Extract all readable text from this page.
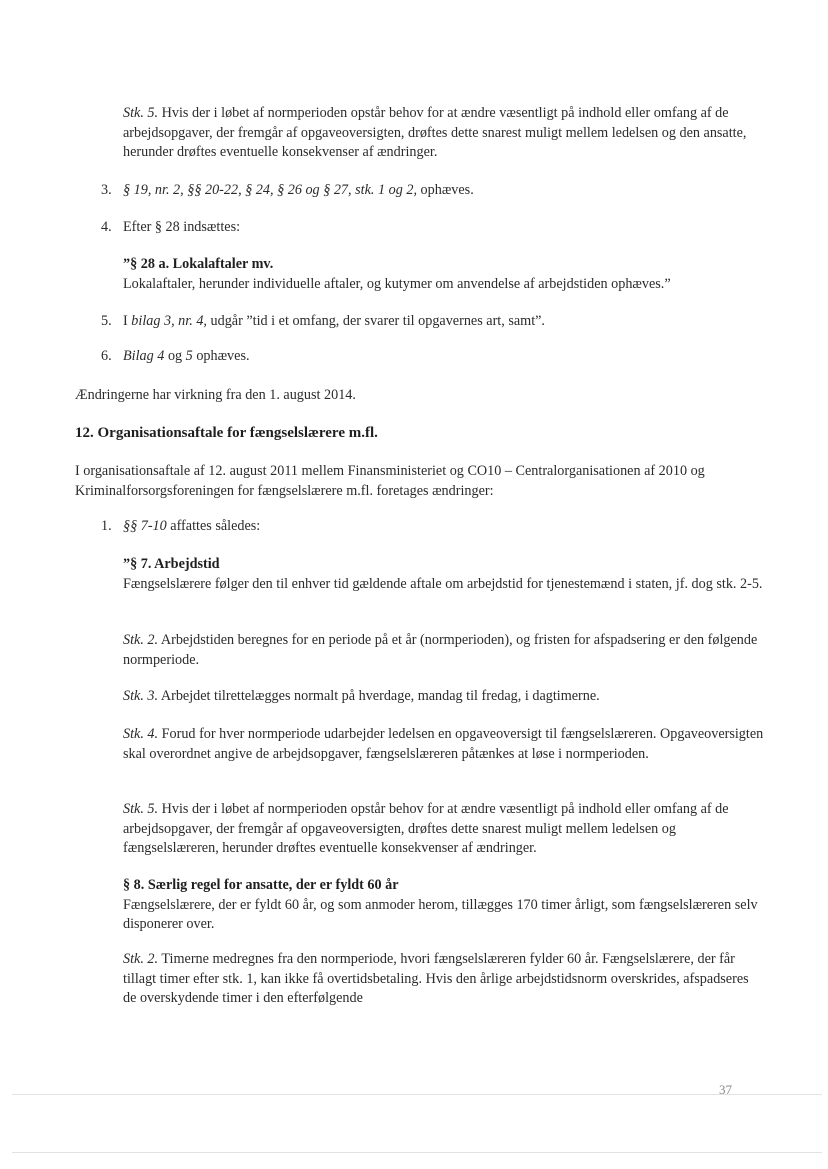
Stk. 5. Hvis der i løbet af normperioden opstår behov for at ændre væsentligt på indhold eller omfang af de arbejdsopgaver, der fremgår af opgaveoversigten, drøftes dette snarest muligt mellem ledelsen og den ansatte, herunder drøftes eventuelle konsekvenser af ændringer.

3. § 19, nr. 2, §§ 20-22, § 24, § 26 og § 27, stk. 1 og 2, ophæves.

4. Efter § 28 indsættes:

”§ 28 a. Lokalaftaler mv.
Lokalaftaler, herunder individuelle aftaler, og kutymer om anvendelse af arbejdstiden ophæves.”

5. I bilag 3, nr. 4, udgår ”tid i et omfang, der svarer til opgavernes art, samt”.

6. Bilag 4 og 5 ophæves.

Ændringerne har virkning fra den 1. august 2014.

12. Organisationsaftale for fængselslærere m.fl.

I organisationsaftale af 12. august 2011 mellem Finansministeriet og CO10 – Centralorganisationen af 2010 og Kriminalforsorgsforeningen for fængselslærere m.fl. foretages ændringer:

1. §§ 7-10 affattes således:

”§ 7. Arbejdstid
Fængselslærere følger den til enhver tid gældende aftale om arbejdstid for tjenestemænd i staten, jf. dog stk. 2-5.

Stk. 2. Arbejdstiden beregnes for en periode på et år (normperioden), og fristen for afspadsering er den følgende normperiode.

Stk. 3. Arbejdet tilrettelægges normalt på hverdage, mandag til fredag, i dagtimerne.

Stk. 4. Forud for hver normperiode udarbejder ledelsen en opgaveoversigt til fængselslæreren. Opgaveoversigten skal overordnet angive de arbejdsopgaver, fængselslæreren påtænkes at løse i normperioden.

Stk. 5. Hvis der i løbet af normperioden opstår behov for at ændre væsentligt på indhold eller omfang af de arbejdsopgaver, der fremgår af opgaveoversigten, drøftes dette snarest muligt mellem ledelsen og fængselslæreren, herunder drøftes eventuelle konsekvenser af ændringer.

§ 8. Særlig regel for ansatte, der er fyldt 60 år
Fængselslærere, der er fyldt 60 år, og som anmoder herom, tillægges 170 timer årligt, som fængselslæreren selv disponerer over.

Stk. 2. Timerne medregnes fra den normperiode, hvori fængselslæreren fylder 60 år. Fængselslærere, der får tillagt timer efter stk. 1, kan ikke få overtidsbetaling. Hvis den årlige arbejdstidsnorm overskrides, afspadseres de overskydende timer i den efterfølgende

37
